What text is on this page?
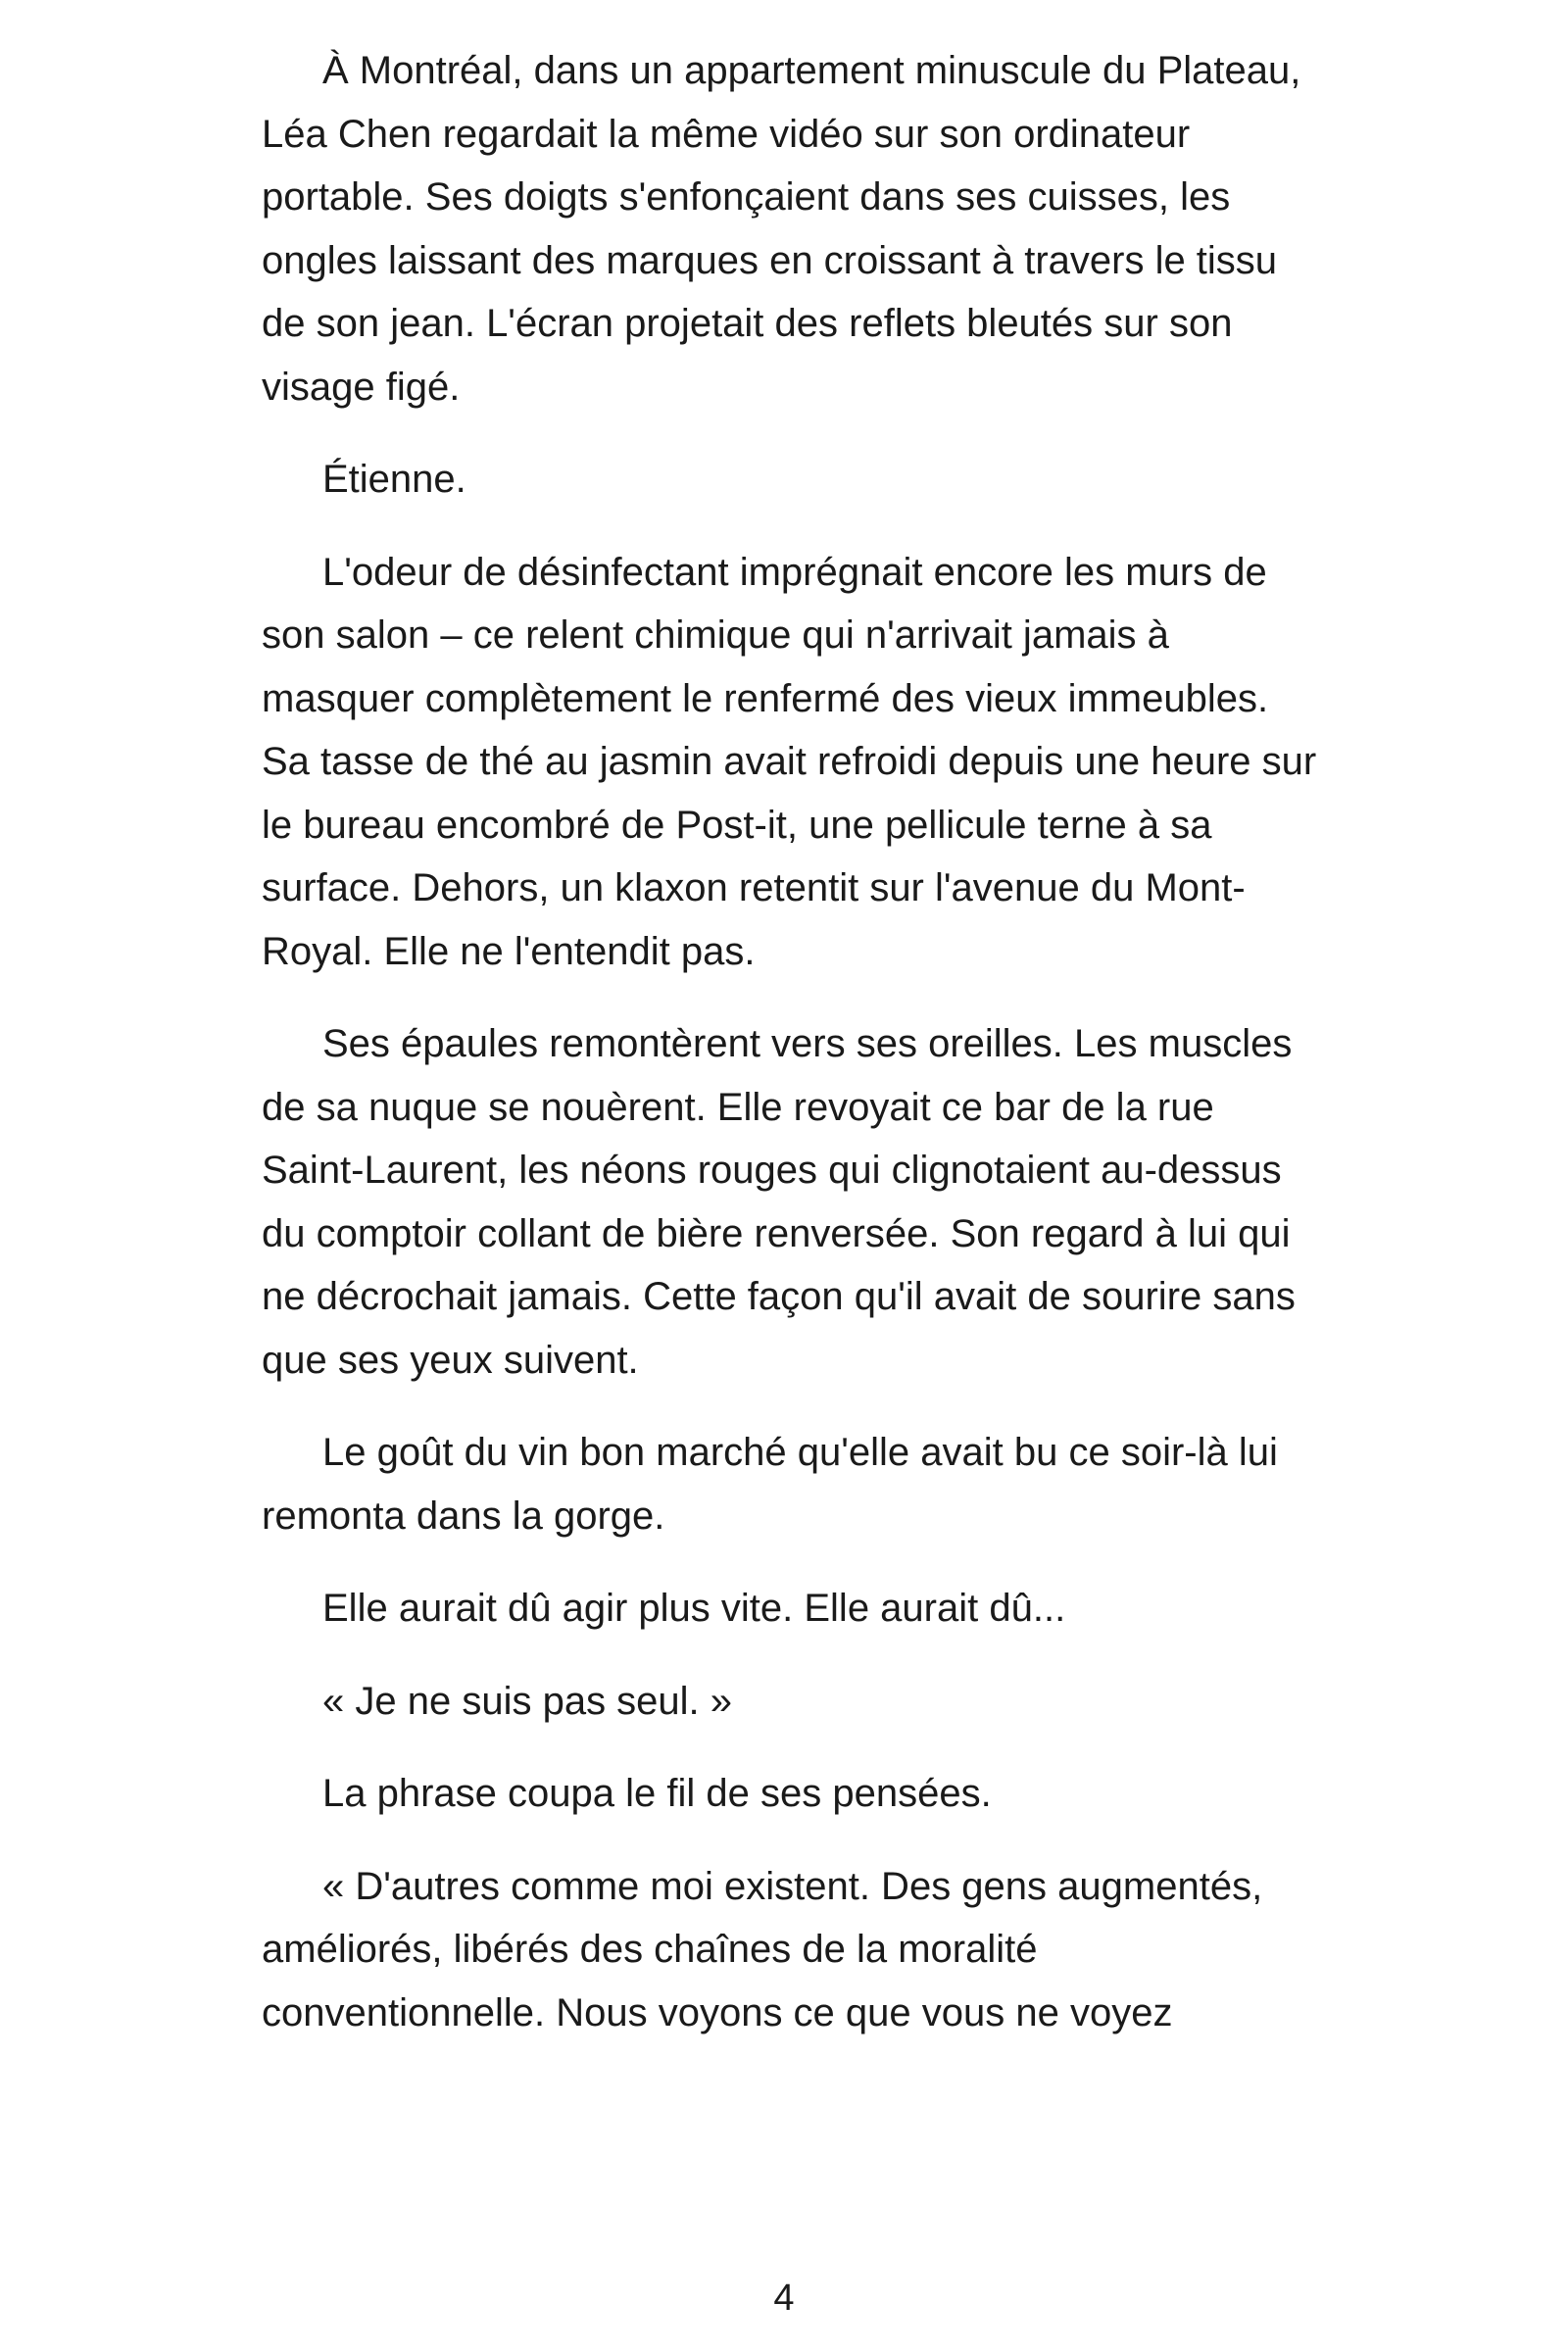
À Montréal, dans un appartement minuscule du Plateau, Léa Chen regardait la même vidéo sur son ordinateur portable. Ses doigts s'enfonçaient dans ses cuisses, les ongles laissant des marques en croissant à travers le tissu de son jean. L'écran projetait des reflets bleutés sur son visage figé.

Étienne.

L'odeur de désinfectant imprégnait encore les murs de son salon – ce relent chimique qui n'arrivait jamais à masquer complètement le renfermé des vieux immeubles. Sa tasse de thé au jasmin avait refroidi depuis une heure sur le bureau encombré de Post-it, une pellicule terne à sa surface. Dehors, un klaxon retentit sur l'avenue du Mont-Royal. Elle ne l'entendit pas.

Ses épaules remontèrent vers ses oreilles. Les muscles de sa nuque se nouèrent. Elle revoyait ce bar de la rue Saint-Laurent, les néons rouges qui clignotaient au-dessus du comptoir collant de bière renversée. Son regard à lui qui ne décrochait jamais. Cette façon qu'il avait de sourire sans que ses yeux suivent.

Le goût du vin bon marché qu'elle avait bu ce soir-là lui remonta dans la gorge.

Elle aurait dû agir plus vite. Elle aurait dû...

« Je ne suis pas seul. »

La phrase coupa le fil de ses pensées.

« D'autres comme moi existent. Des gens augmentés, améliorés, libérés des chaînes de la moralité conventionnelle. Nous voyons ce que vous ne voyez

4
